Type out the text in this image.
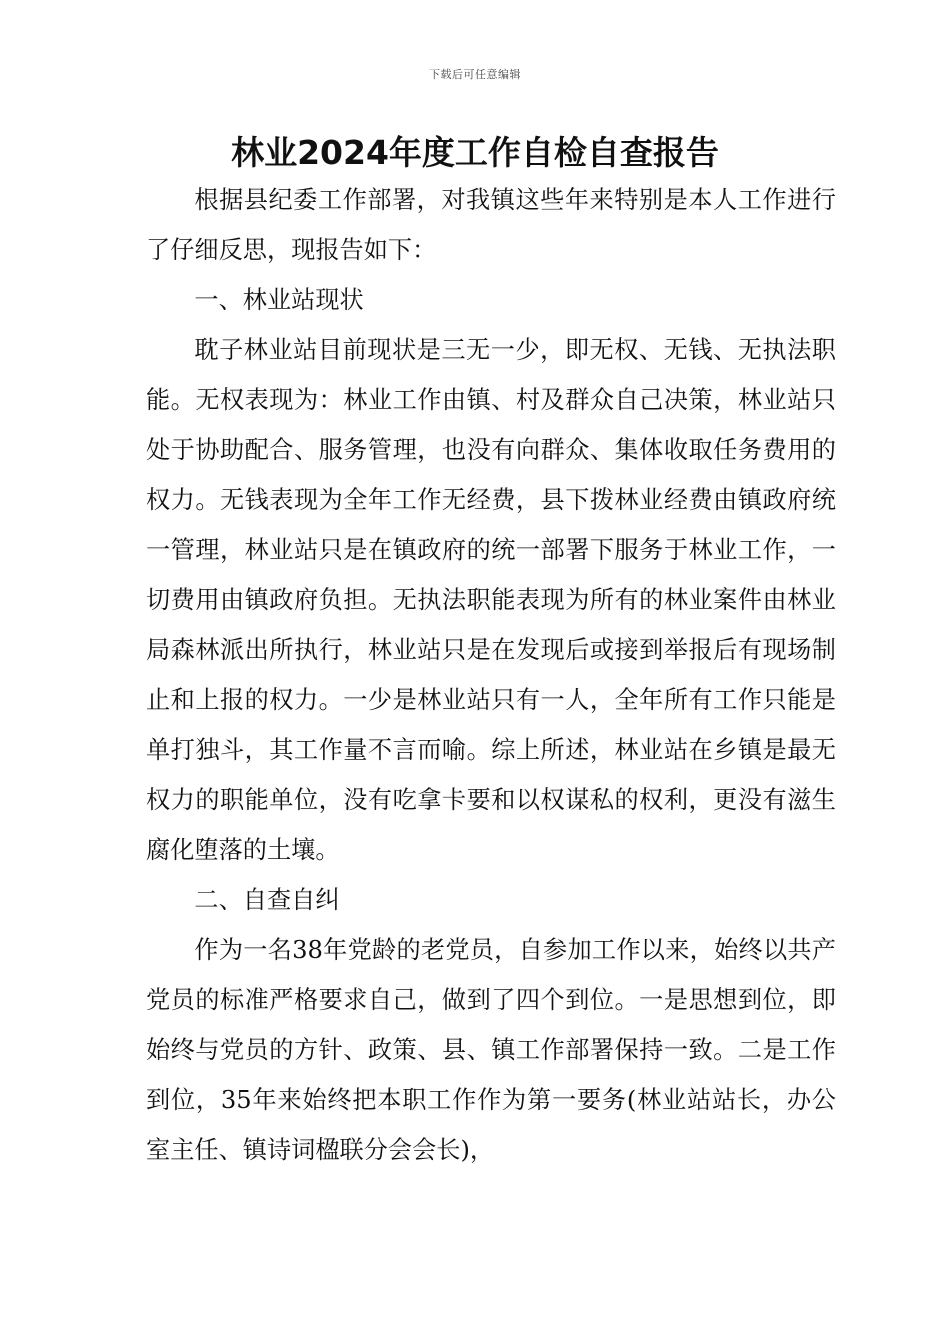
下载后可任意编辑
林业2024年度工作自检自查报告

根据县纪委工作部署，对我镇这些年来特别是本人工作进行了仔细反思，现报告如下：

一、林业站现状

耽子林业站目前现状是三无一少，即无权、无钱、无执法职能。无权表现为：林业工作由镇、村及群众自己决策，林业站只处于协助配合、服务管理，也没有向群众、集体收取任务费用的权力。无钱表现为全年工作无经费，县下拨林业经费由镇政府统一管理，林业站只是在镇政府的统一部署下服务于林业工作，一切费用由镇政府负担。无执法职能表现为所有的林业案件由林业局森林派出所执行，林业站只是在发现后或接到举报后有现场制止和上报的权力。一少是林业站只有一人，全年所有工作只能是单打独斗，其工作量不言而喻。综上所述，林业站在乡镇是最无权力的职能单位，没有吃拿卡要和以权谋私的权利，更没有滋生腐化堕落的土壤。

二、自查自纠

作为一名38年党龄的老党员，自参加工作以来，始终以共产党员的标准严格要求自己，做到了四个到位。一是思想到位，即始终与党员的方针、政策、县、镇工作部署保持一致。二是工作到位，35年来始终把本职工作作为第一要务(林业站站长，办公室主任、镇诗词楹联分会会长)，
